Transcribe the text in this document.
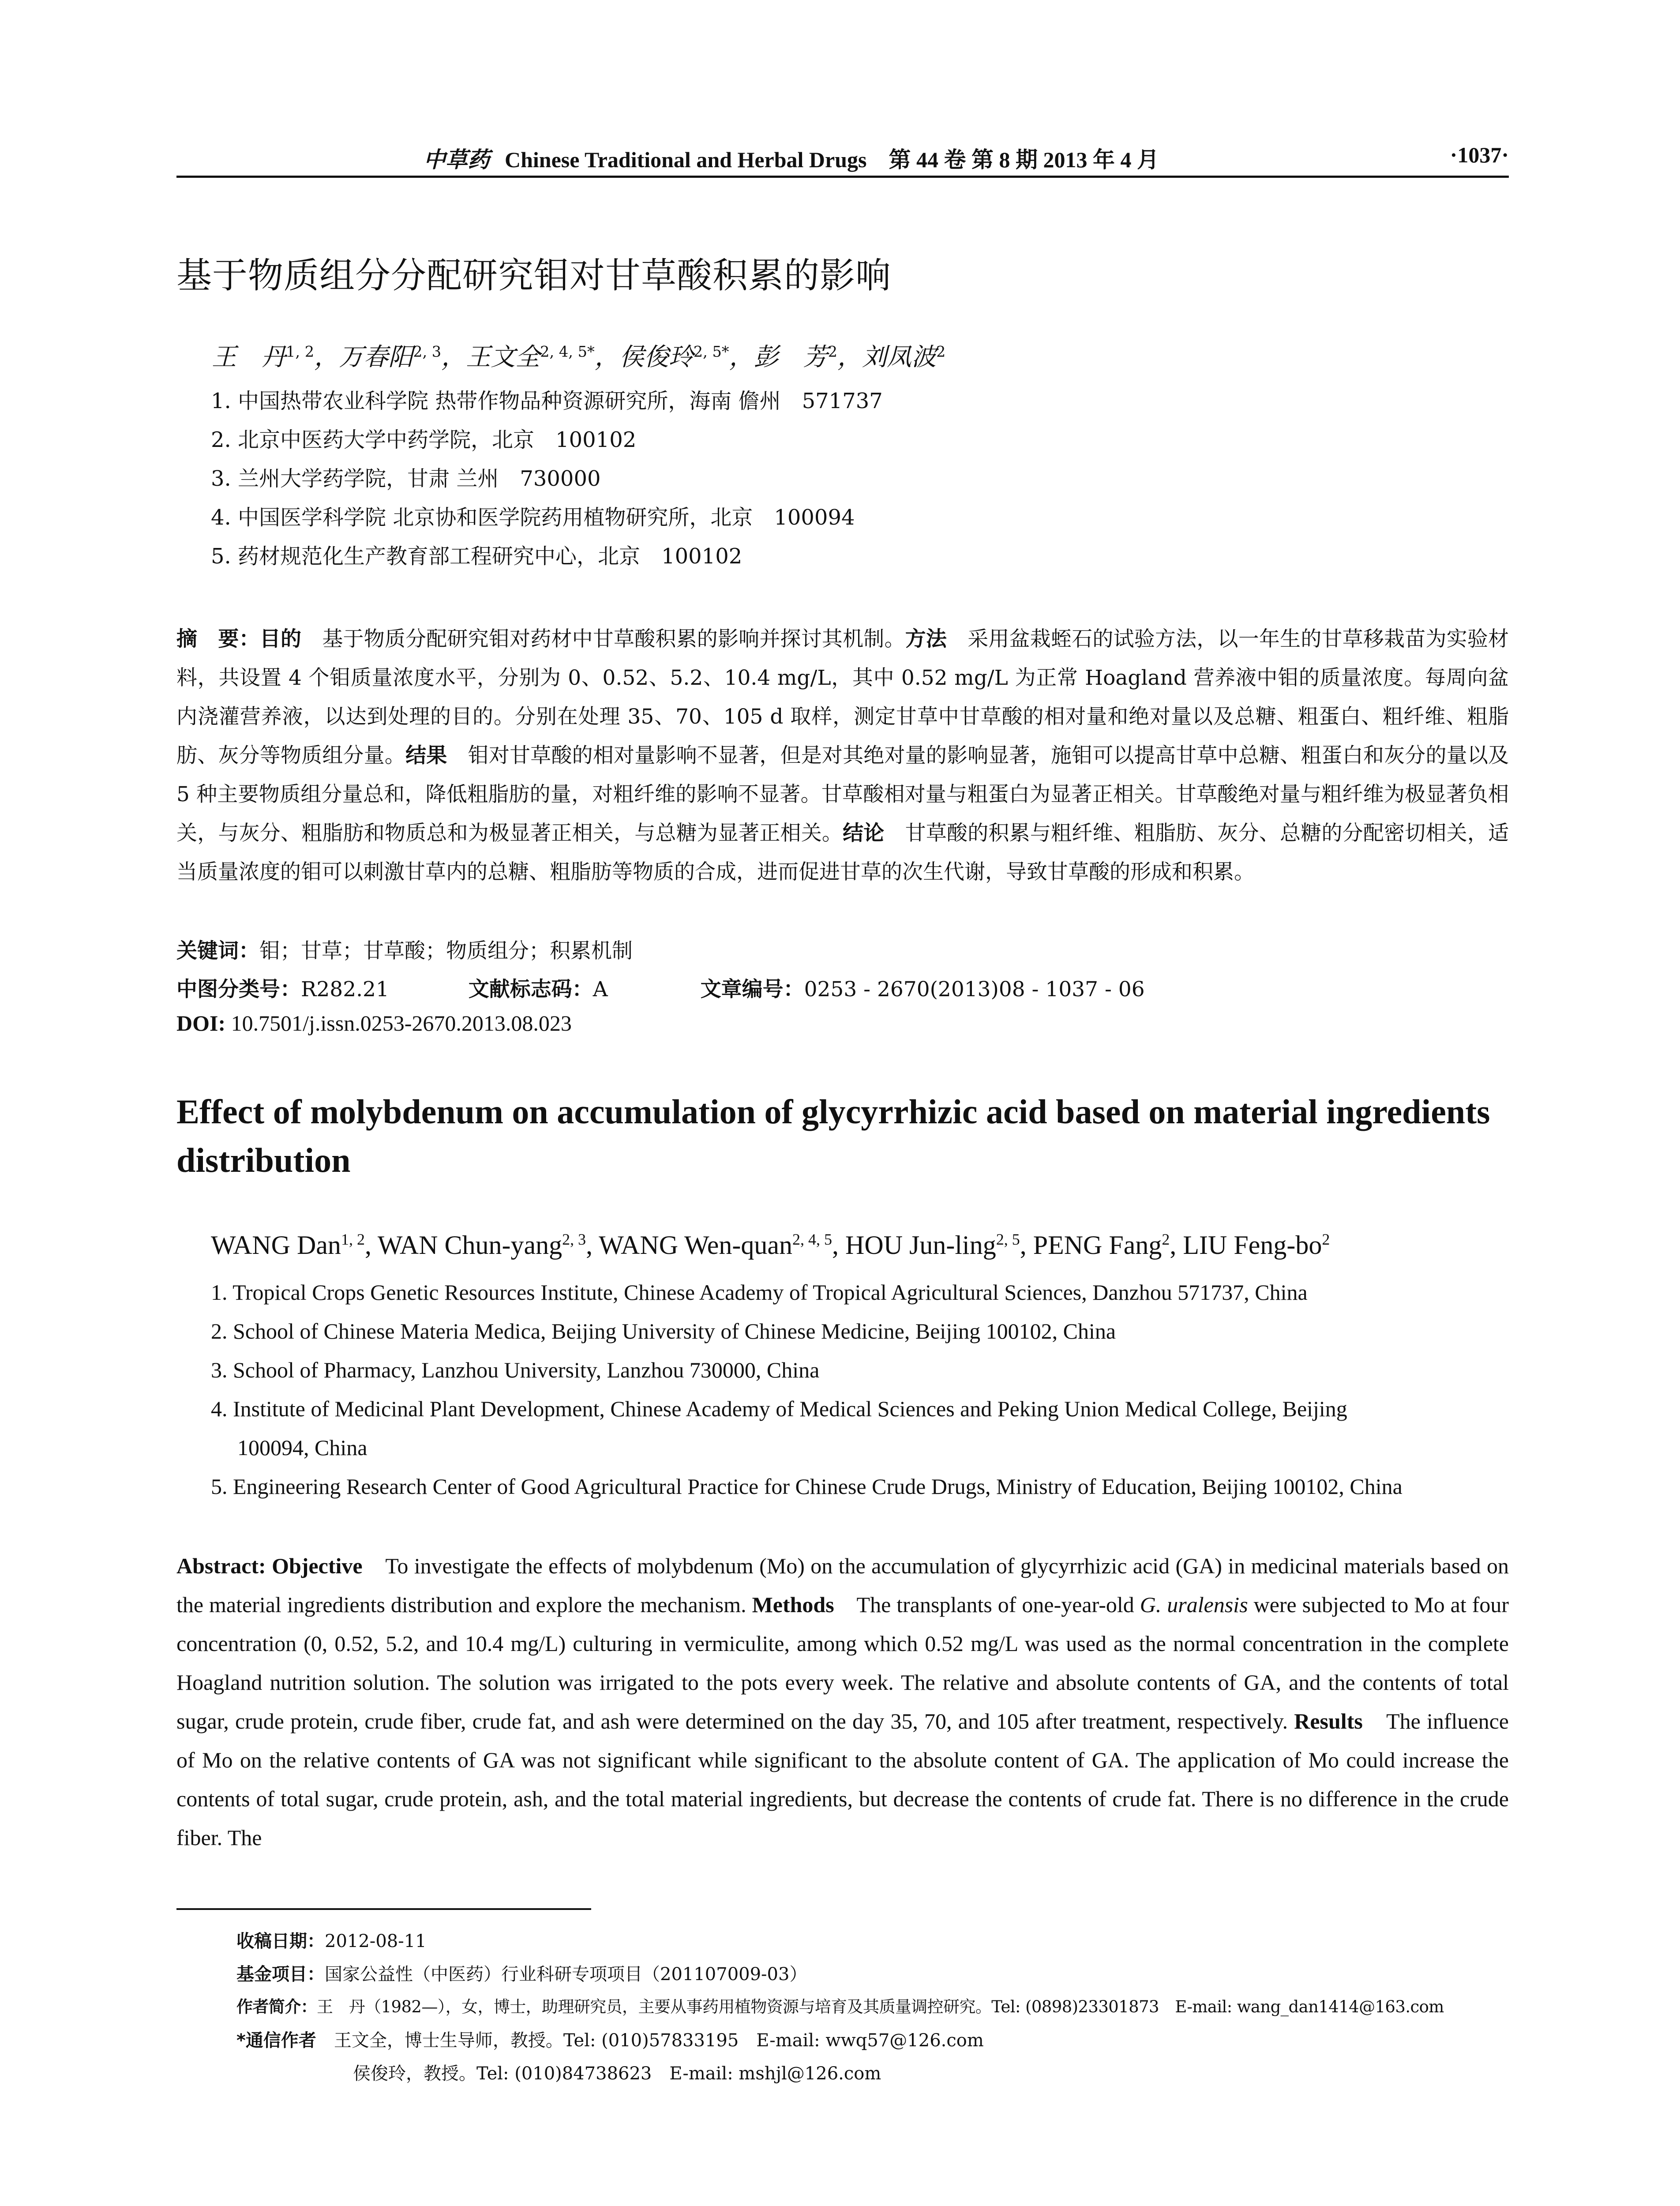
中草药 Chinese Traditional and Herbal Drugs　第 44 卷 第 8 期 2013 年 4 月	·1037·
基于物质组分分配研究钼对甘草酸积累的影响
王　丹$^{1, 2}$，万春阳$^{2, 3}$，王文全$^{2, 4, 5*}$，侯俊玲$^{2, 5*}$，彭　芳$^2$，刘凤波$^2$
1. 中国热带农业科学院 热带作物品种资源研究所，海南 儋州　571737
2. 北京中医药大学中药学院，北京　100102
3. 兰州大学药学院，甘肃 兰州　730000
4. 中国医学科学院 北京协和医学院药用植物研究所，北京　100094
5. 药材规范化生产教育部工程研究中心，北京　100102
摘　要：目的　基于物质分配研究钼对药材中甘草酸积累的影响并探讨其机制。方法　采用盆栽蛭石的试验方法，以一年生的甘草移栽苗为实验材料，共设置 4 个钼质量浓度水平，分别为 0、0.52、5.2、10.4 mg/L，其中 0.52 mg/L 为正常 Hoagland 营养液中钼的质量浓度。每周向盆内浇灌营养液，以达到处理的目的。分别在处理 35、70、105 d 取样，测定甘草中甘草酸的相对量和绝对量以及总糖、粗蛋白、粗纤维、粗脂肪、灰分等物质组分量。结果　钼对甘草酸的相对量影响不显著，但是对其绝对量的影响显著，施钼可以提高甘草中总糖、粗蛋白和灰分的量以及 5 种主要物质组分量总和，降低粗脂肪的量，对粗纤维的影响不显著。甘草酸相对量与粗蛋白为显著正相关。甘草酸绝对量与粗纤维为极显著负相关，与灰分、粗脂肪和物质总和为极显著正相关，与总糖为显著正相关。结论　甘草酸的积累与粗纤维、粗脂肪、灰分、总糖的分配密切相关，适当质量浓度的钼可以刺激甘草内的总糖、粗脂肪等物质的合成，进而促进甘草的次生代谢，导致甘草酸的形成和积累。
关键词：钼；甘草；甘草酸；物质组分；积累机制
中图分类号：R282.21	文献标志码：A	文章编号：0253 - 2670(2013)08 - 1037 - 06
DOI: 10.7501/j.issn.0253-2670.2013.08.023
Effect of molybdenum on accumulation of glycyrrhizic acid based on material ingredients distribution
WANG Dan$^{1, 2}$, WAN Chun-yang$^{2, 3}$, WANG Wen-quan$^{2, 4, 5}$, HOU Jun-ling$^{2, 5}$, PENG Fang$^2$, LIU Feng-$bo^2$
1. Tropical Crops Genetic Resources Institute, Chinese Academy of Tropical Agricultural Sciences, Danzhou 571737, China
2. School of Chinese Materia Medica, Beijing University of Chinese Medicine, Beijing 100102, China
3. School of Pharmacy, Lanzhou University, Lanzhou 730000, China
4. Institute of Medicinal Plant Development, Chinese Academy of Medical Sciences and Peking Union Medical College, Beijing
100094, China
5. Engineering Research Center of Good Agricultural Practice for Chinese Crude Drugs, Ministry of Education, Beijing 100102, China
Abstract: Objective　To investigate the effects of molybdenum (Mo) on the accumulation of glycyrrhizic acid (GA) in medicinal materials based on the material ingredients distribution and explore the mechanism. Methods　The transplants of one-year-old G. uralensis were subjected to Mo at four concentration (0, 0.52, 5.2, and 10.4 mg/L) culturing in vermiculite, among which 0.52 mg/L was used as the normal concentration in the complete Hoagland nutrition solution. The solution was irrigated to the pots every week. The relative and absolute contents of GA, and the contents of total sugar, crude protein, crude fiber, crude fat, and ash were determined on the day 35, 70, and 105 after treatment, respectively. Results　The influence of Mo on the relative contents of GA was not significant while significant to the absolute content of GA. The application of Mo could increase the contents of total sugar, crude protein, ash, and the total material ingredients, but decrease the contents of crude fat. There is no difference in the crude fiber. The
收稿日期：2012-08-11
基金项目：国家公益性（中医药）行业科研专项项目（201107009-03）
作者简介：王　丹（1982—），女，博士，助理研究员，主要从事药用植物资源与培育及其质量调控研究。Tel: (0898)23301873　E-mail: wang_dan1414@163.com
*通信作者　王文全，博士生导师，教授。Tel: (010)57833195　E-mail: wwq57@126.com
侯俊玲，教授。Tel: (010)84738623　E-mail: mshjl@126.com
